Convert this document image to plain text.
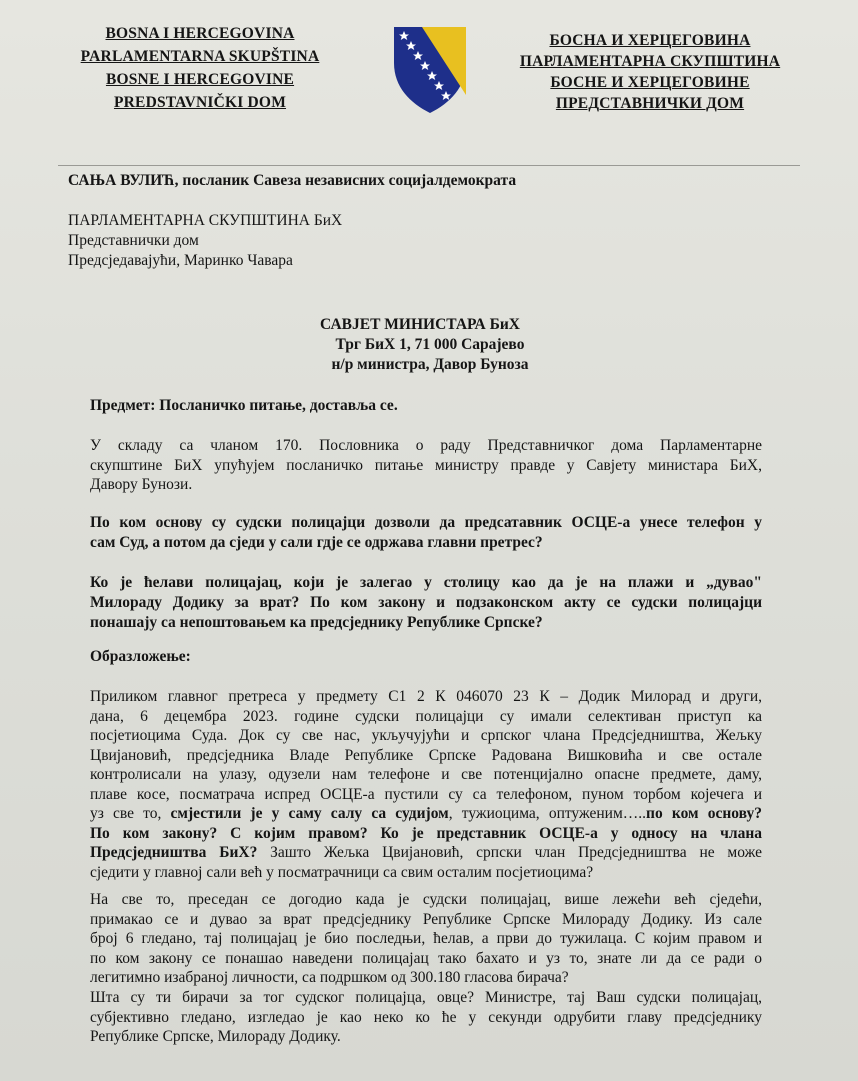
BOSNA I HERCEGOVINA
PARLAMENTARNA SKUPŠTINA
BOSNE I HERCEGOVINE
PREDSTAVNIČKI DOM
БОСНА И ХЕРЦЕГОВИНА
ПАРЛАМЕНТАРНА СКУПШТИНА
БОСНЕ И ХЕРЦЕГОВИНЕ
ПРЕДСТАВНИЧКИ ДОМ
САЊА ВУЛИЋ, посланик Савеза независних социјалдемократа
ПАРЛАМЕНТАРНА СКУПШТИНА БиХ
Представнички дом
Предсједавајући, Маринко Чавара
САВЈЕТ МИНИСТАРА БиХ
Трг БиХ 1, 71 000 Сарајево
н/р министра, Давор Буноза
Предмет: Посланичко питање, доставља се.

У складу са чланом 170. Пословника о раду Представничког дома Парламентарне

скупштине БиХ упућујем посланичко питање министру правде у Савјету министара БиХ,

Давору Бунози.

По ком основу су судски полицајци дозволи да предсатавник ОСЦЕ-а унесе телефон у

сам Суд, а потом да сједи у сали гдје се одржава главни претрес?

Ко је ћелави полицајац, који је залегао у столицу као да је на плажи и „дувао"

Милораду Додику за врат? По ком закону и подзаконском акту се судски полицајци

понашају са непоштовањем ка предсједнику Републике Српске?

Образложење:

Приликом главног претреса у предмету С1 2 К 046070 23 К – Додик Милорад и други,

дана, 6 децембра 2023. године судски полицајци су имали селективан приступ ка

посјетиоцима Суда. Док су све нас, укључујући и српског члана Предсједништва, Жељку

Цвијановић, предсједника Владе Републике Српске Радована Вишковића и све остале

контролисали на улазу, одузели нам телефоне и све потенцијално опасне предмете, даму,

плаве косе, посматрача испред ОСЦЕ-а пустили су са телефоном, пуном торбом којечега и

уз све то, смјестили је у саму салу са судијом, тужиоцима, оптуженим…..по ком основу?

По ком закону? С којим правом? Ко је представник ОСЦЕ-а у односу на члана

Предсједништва БиХ? Зашто Жељка Цвијановић, српски члан Предсједништва не може

сједити у главној сали већ у посматрачници са свим осталим посјетиоцима?

На све то, преседан се догодио када је судски полицајац, више лежећи већ сједећи,

примакао се и дувао за врат предсједнику Републике Српске Милораду Додику. Из сале

број 6 гледано, тај полицајац је био последњи, ћелав, а први до тужилаца. С којим правом и

по ком закону се понашао наведени полицајац тако бахато и уз то, знате ли да се ради о

легитимно изабраној личности, са подршком од 300.180 гласова бирача?

Шта су ти бирачи за тог судског полицајца, овце? Министре, тај Ваш судски полицајац,

субјективно гледано, изгледао је као неко ко ће у секунди одрубити главу предсједнику

Републике Српске, Милораду Додику.
